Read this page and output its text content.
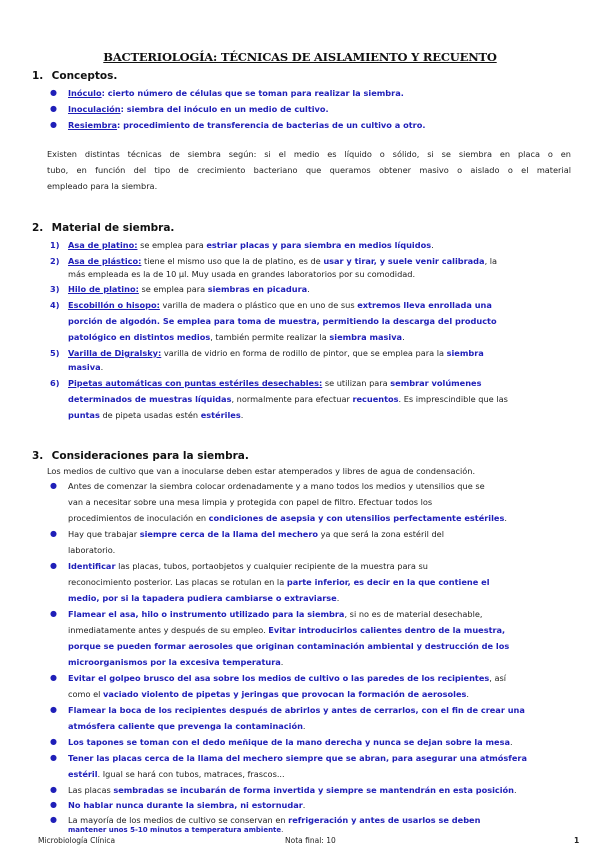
BACTERIOLOGÍA: TÉCNICAS DE AISLAMIENTO Y RECUENTO
1. Conceptos.
● Inóculo: cierto número de células que se toman para realizar la siembra.
● Inoculación: siembra del inóculo en un medio de cultivo.
● Resiembra: procedimiento de transferencia de bacterias de un cultivo a otro.
Existen distintas técnicas de siembra según: si el medio es líquido o sólido, si se siembra en placa o en
tubo, en función del tipo de crecimiento bacteriano que queramos obtener masivo o aislado o el material
empleado para la siembra.
2. Material de siembra.
1) Asa de platino: se emplea para estriar placas y para siembra en medios líquidos.
2) Asa de plástico: tiene el mismo uso que la de platino, es de usar y tirar, y suele venir calibrada, la
más empleada es la de 10 µl. Muy usada en grandes laboratorios por su comodidad.
3) Hilo de platino: se emplea para siembras en picadura.
4) Escobillón o hisopo: varilla de madera o plástico que en uno de sus extremos lleva enrollada una
porción de algodón. Se emplea para toma de muestra, permitiendo la descarga del producto
patológico en distintos medios, también permite realizar la siembra masiva.
5) Varilla de Digralsky: varilla de vidrio en forma de rodillo de pintor, que se emplea para la siembra
masiva.
6) Pipetas automáticas con puntas estériles desechables: se utilizan para sembrar volúmenes
determinados de muestras líquidas, normalmente para efectuar recuentos. Es imprescindible que las
puntas de pipeta usadas estén estériles.
3. Consideraciones para la siembra.
Los medios de cultivo que van a inocularse deben estar atemperados y libres de agua de condensación.
● Antes de comenzar la siembra colocar ordenadamente y a mano todos los medios y utensilios que se
van a necesitar sobre una mesa limpia y protegida con papel de filtro. Efectuar todos los
procedimientos de inoculación en condiciones de asepsia y con utensilios perfectamente estériles.
● Hay que trabajar siempre cerca de la llama del mechero ya que será la zona estéril del
laboratorio.
● Identificar las placas, tubos, portaobjetos y cualquier recipiente de la muestra para su
reconocimiento posterior. Las placas se rotulan en la parte inferior, es decir en la que contiene el
medio, por si la tapadera pudiera cambiarse o extraviarse.
● Flamear el asa, hilo o instrumento utilizado para la siembra, si no es de material desechable,
inmediatamente antes y después de su empleo. Evitar introducirlos calientes dentro de la muestra,
porque se pueden formar aerosoles que originan contaminación ambiental y destrucción de los
microorganismos por la excesiva temperatura.
● Evitar el golpeo brusco del asa sobre los medios de cultivo o las paredes de los recipientes, así
como el vaciado violento de pipetas y jeringas que provocan la formación de aerosoles.
● Flamear la boca de los recipientes después de abrirlos y antes de cerrarlos, con el fin de crear una
atmósfera caliente que prevenga la contaminación.
● Los tapones se toman con el dedo meñique de la mano derecha y nunca se dejan sobre la mesa.
● Tener las placas cerca de la llama del mechero siempre que se abran, para asegurar una atmósfera
estéril. Igual se hará con tubos, matraces, frascos...
● Las placas sembradas se incubarán de forma invertida y siempre se mantendrán en esta posición.
● No hablar nunca durante la siembra, ni estornudar.
● La mayoría de los medios de cultivo se conservan en refrigeración y antes de usarlos se deben
mantener unos 5-10 minutos a temperatura ambiente.
Microbiología Clínica	Nota final: 10	1
